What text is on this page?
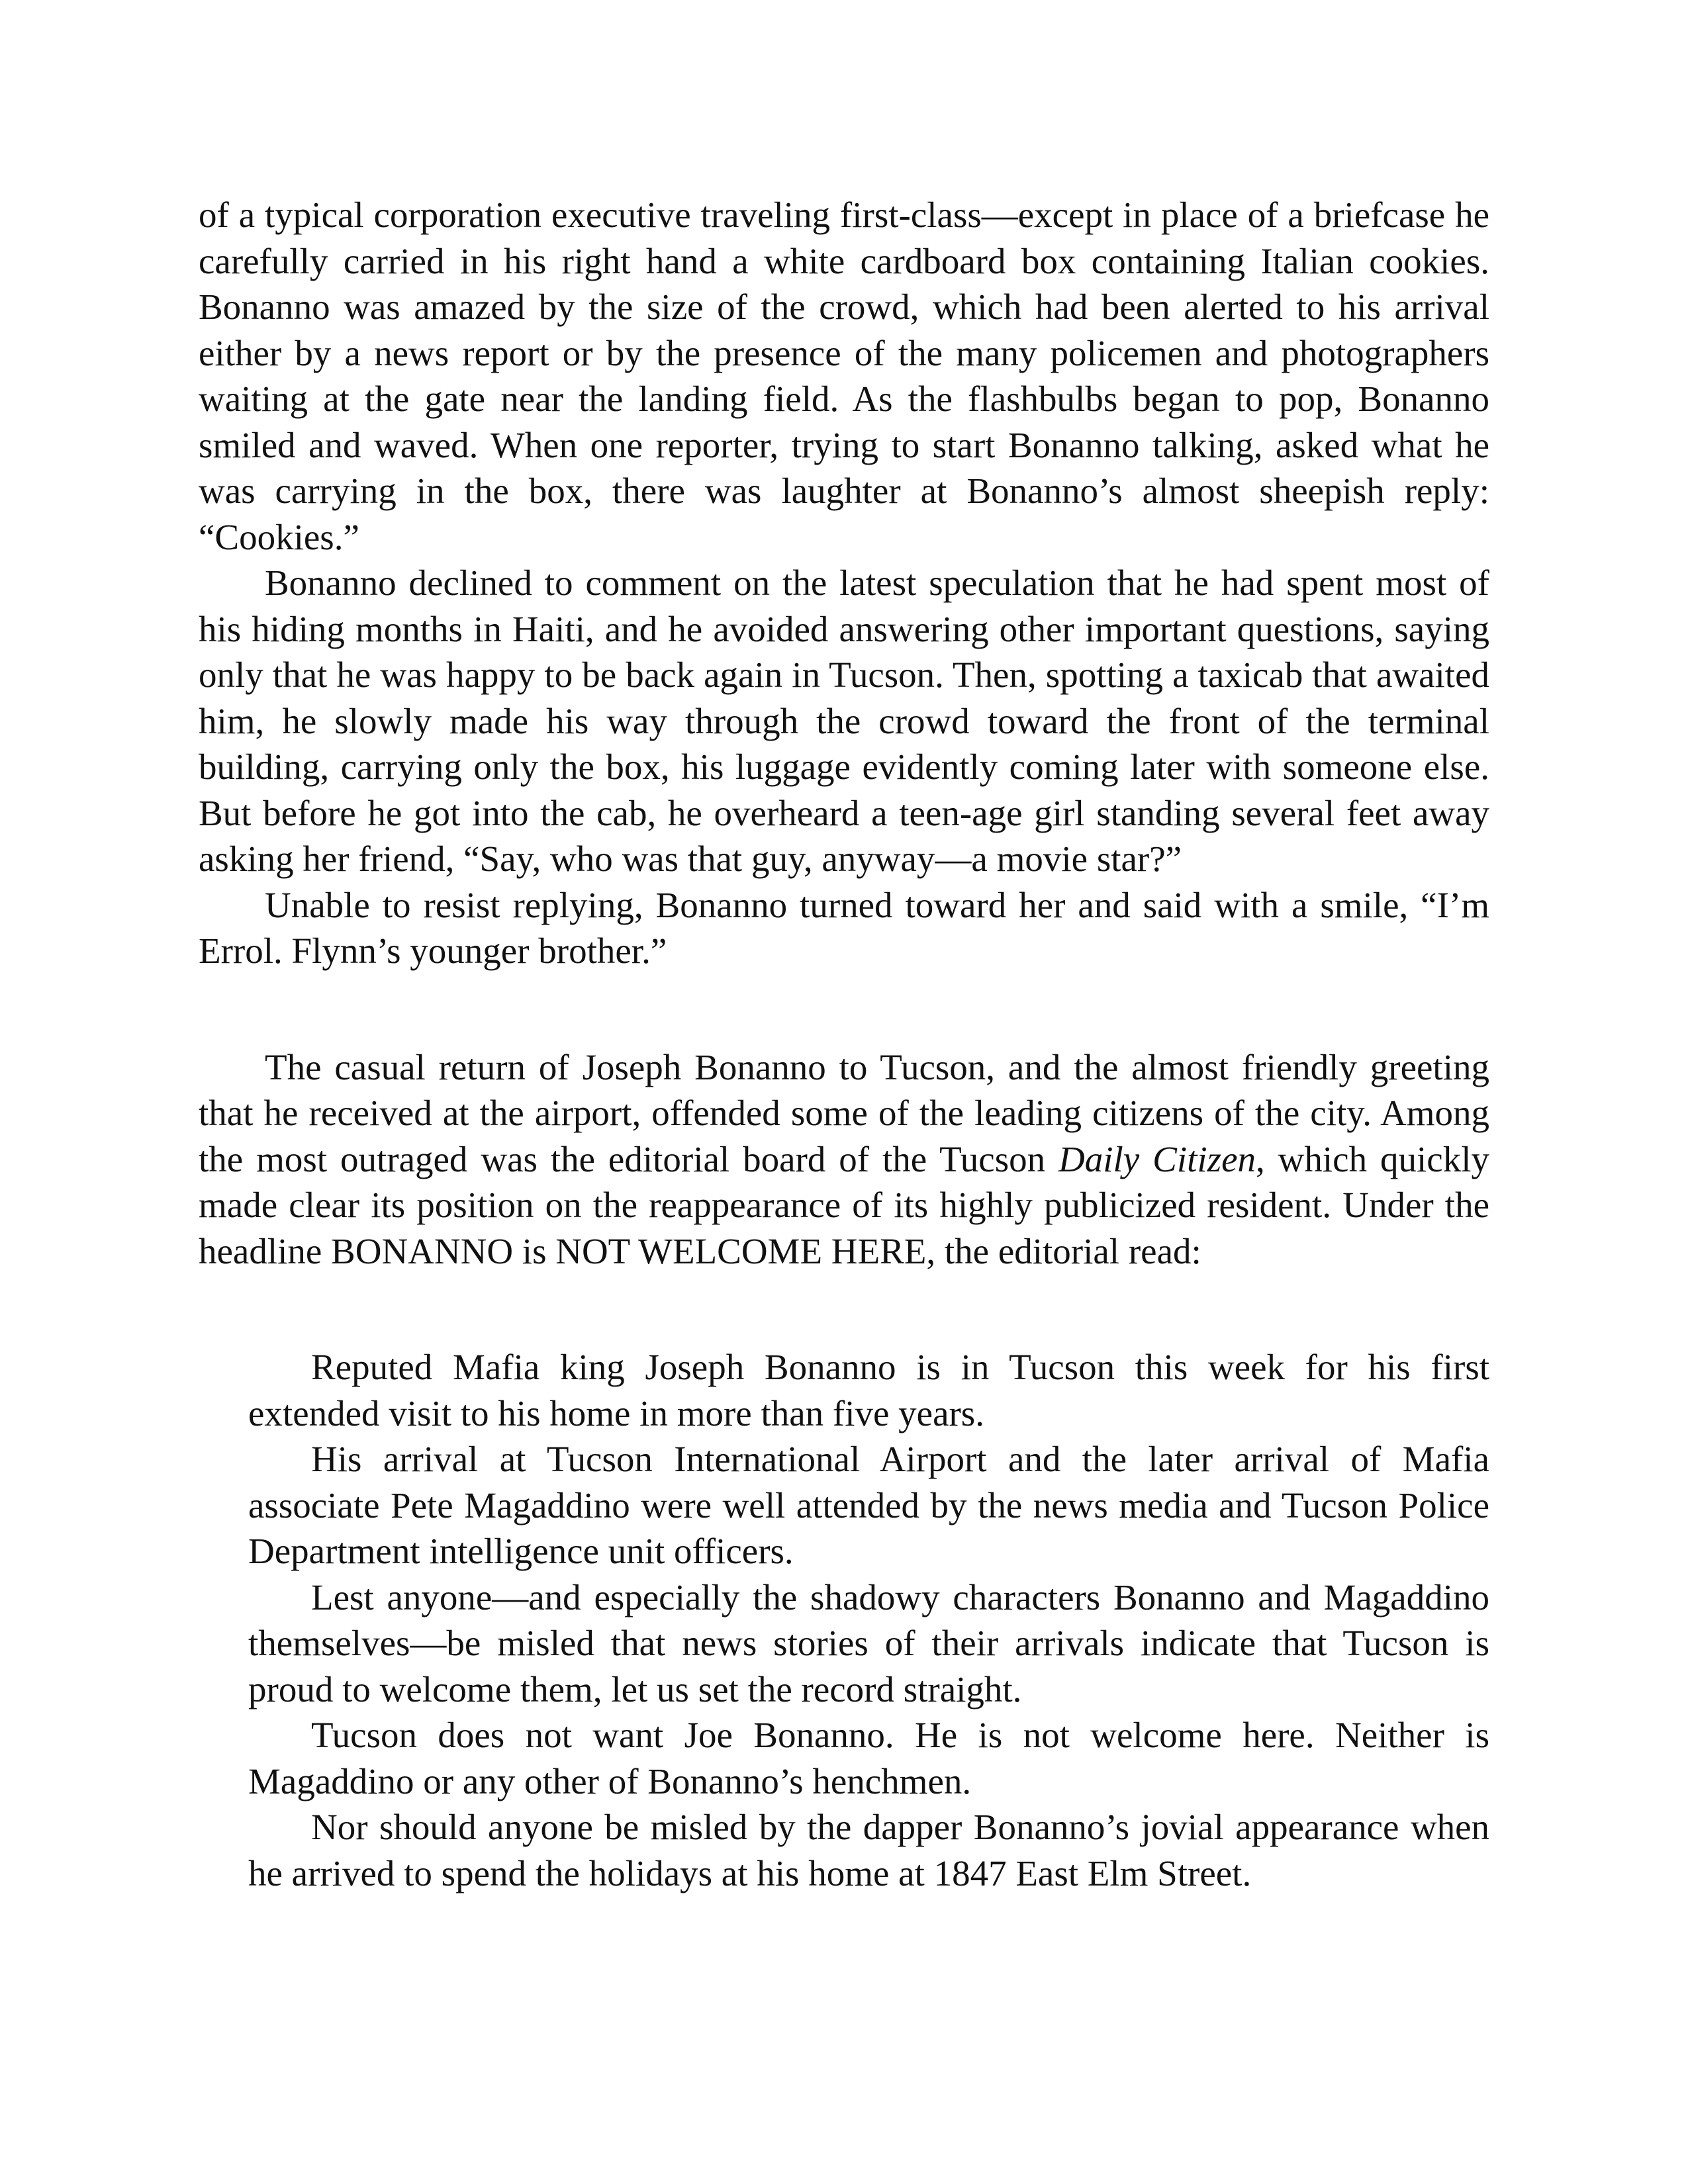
of a typical corporation executive traveling first-class—except in place of a briefcase he carefully carried in his right hand a white cardboard box containing Italian cookies. Bonanno was amazed by the size of the crowd, which had been alerted to his arrival either by a news report or by the presence of the many policemen and photographers waiting at the gate near the landing field. As the flashbulbs began to pop, Bonanno smiled and waved. When one reporter, trying to start Bonanno talking, asked what he was carrying in the box, there was laughter at Bonanno’s almost sheepish reply: “Cookies.”

Bonanno declined to comment on the latest speculation that he had spent most of his hiding months in Haiti, and he avoided answering other important questions, saying only that he was happy to be back again in Tucson. Then, spotting a taxicab that awaited him, he slowly made his way through the crowd toward the front of the terminal building, carrying only the box, his luggage evidently coming later with someone else. But before he got into the cab, he overheard a teen-age girl standing several feet away asking her friend, “Say, who was that guy, anyway—a movie star?”

Unable to resist replying, Bonanno turned toward her and said with a smile, “I’m Errol. Flynn’s younger brother.”

The casual return of Joseph Bonanno to Tucson, and the almost friendly greeting that he received at the airport, offended some of the leading citizens of the city. Among the most outraged was the editorial board of the Tucson Daily Citizen, which quickly made clear its position on the reappearance of its highly publicized resident. Under the headline BONANNO is NOT WELCOME HERE, the editorial read:

Reputed Mafia king Joseph Bonanno is in Tucson this week for his first extended visit to his home in more than five years.

His arrival at Tucson International Airport and the later arrival of Mafia associate Pete Magaddino were well attended by the news media and Tucson Police Department intelligence unit officers.

Lest anyone—and especially the shadowy characters Bonanno and Magaddino themselves—be misled that news stories of their arrivals indicate that Tucson is proud to welcome them, let us set the record straight.

Tucson does not want Joe Bonanno. He is not welcome here. Neither is Magaddino or any other of Bonanno’s henchmen.

Nor should anyone be misled by the dapper Bonanno’s jovial appearance when he arrived to spend the holidays at his home at 1847 East Elm Street.
